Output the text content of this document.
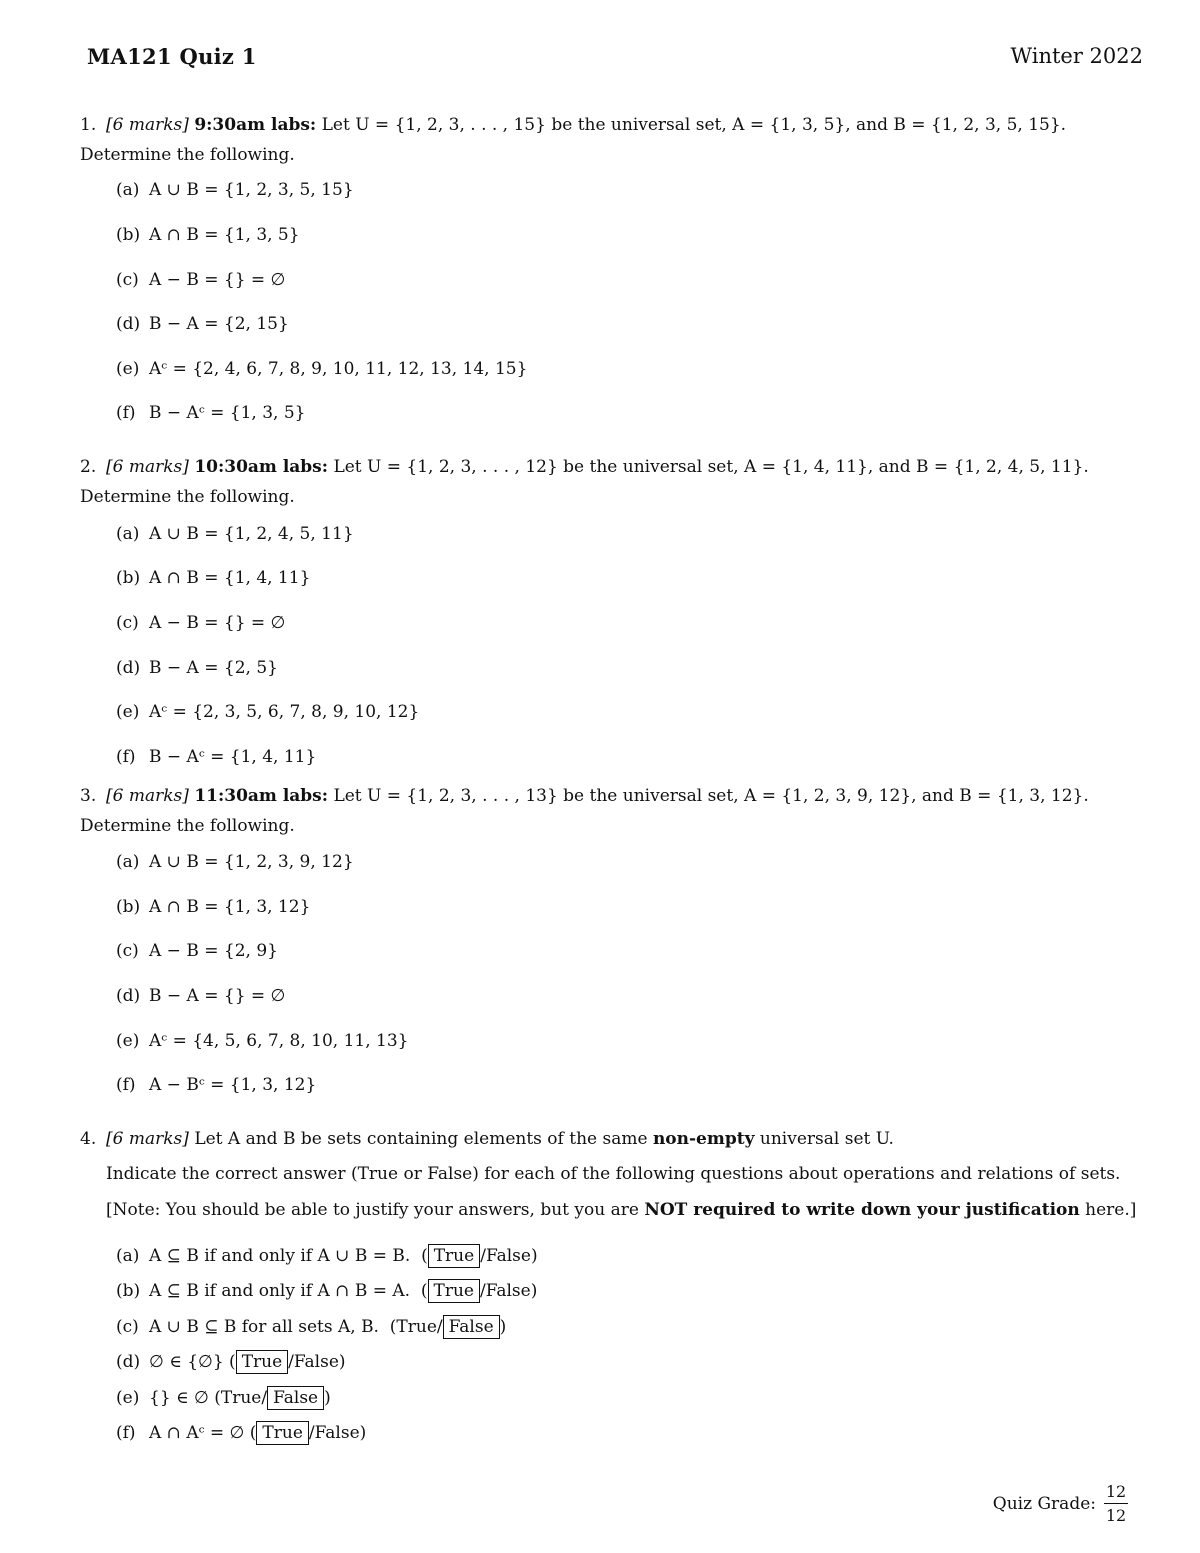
MA121 Quiz 1	Winter 2022
1. [6 marks] 9:30am labs: Let U = {1, 2, 3, . . . , 15} be the universal set, A = {1, 3, 5}, and B = {1, 2, 3, 5, 15}. Determine the following.
(a) A ∪ B = {1, 2, 3, 5, 15}
(b) A ∩ B = {1, 3, 5}
(c) A − B = {} = ∅
(d) B − A = {2, 15}
(e) Aᶜ = {2, 4, 6, 7, 8, 9, 10, 11, 12, 13, 14, 15}
(f) B − Aᶜ = {1, 3, 5}
2. [6 marks] 10:30am labs: Let U = {1, 2, 3, . . . , 12} be the universal set, A = {1, 4, 11}, and B = {1, 2, 4, 5, 11}. Determine the following.
(a) A ∪ B = {1, 2, 4, 5, 11}
(b) A ∩ B = {1, 4, 11}
(c) A − B = {} = ∅
(d) B − A = {2, 5}
(e) Aᶜ = {2, 3, 5, 6, 7, 8, 9, 10, 12}
(f) B − Aᶜ = {1, 4, 11}
3. [6 marks] 11:30am labs: Let U = {1, 2, 3, . . . , 13} be the universal set, A = {1, 2, 3, 9, 12}, and B = {1, 3, 12}. Determine the following.
(a) A ∪ B = {1, 2, 3, 9, 12}
(b) A ∩ B = {1, 3, 12}
(c) A − B = {2, 9}
(d) B − A = {} = ∅
(e) Aᶜ = {4, 5, 6, 7, 8, 10, 11, 13}
(f) A − Bᶜ = {1, 3, 12}
4. [6 marks] Let A and B be sets containing elements of the same non-empty universal set U.
Indicate the correct answer (True or False) for each of the following questions about operations and relations of sets.
[Note: You should be able to justify your answers, but you are NOT required to write down your justification here.]
(a) A ⊆ B if and only if A ∪ B = B. ( True /False)
(b) A ⊆ B if and only if A ∩ B = A. ( True /False)
(c) A ∪ B ⊆ B for all sets A, B. (True/ False )
(d) ∅ ∈ {∅} ( True /False)
(e) {} ∈ ∅ (True/ False )
(f) A ∩ Aᶜ = ∅ ( True /False)
Quiz Grade: $\frac{12}{12}$
